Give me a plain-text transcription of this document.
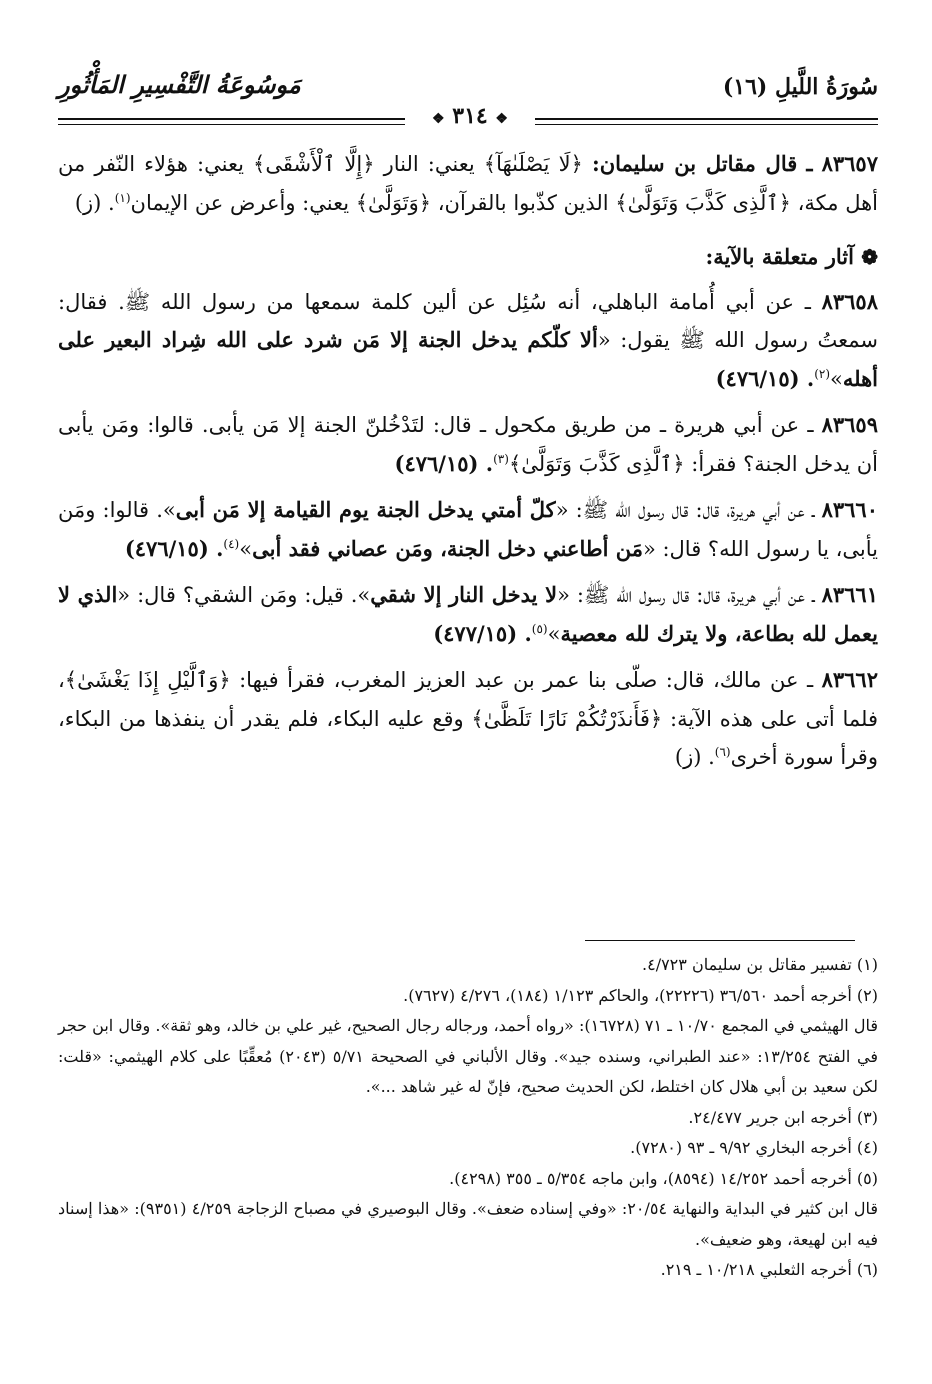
سُورَةُ اللَّيلِ (١٦)
مَوسُوعَةُ التَّفْسِيرِ المَأْثُورِ
❖ ٣١٤ ❖

٨٣٦٥٧ ـ قال مقاتل بن سليمان: ﴿لَا يَصْلَىٰهَآ﴾ يعني: النار ﴿إِلَّا ٱلْأَشْقَى﴾ يعني: هؤلاء النّفر من أهل مكة، ﴿ٱلَّذِى كَذَّبَ وَتَوَلَّىٰ﴾ الذين كذّبوا بالقرآن، ﴿وَتَوَلَّىٰ﴾ يعني: وأعرض عن الإيمان$^{(١)}$. (ز)

❁ آثار متعلقة بالآية:

٨٣٦٥٨ ـ عن أبي أُمامة الباهلي، أنه سُئِل عن ألين كلمة سمعها من رسول الله ﷺ. فقال: سمعتُ رسول الله ﷺ يقول: «ألا كلّكم يدخل الجنة إلا مَن شرد على الله شِراد البعير على أهله»$^{(٢)}$. (٤٧٦/١٥)

٨٣٦٥٩ ـ عن أبي هريرة ـ من طريق مكحول ـ قال: لتَدْخُلنّ الجنة إلا مَن يأبى. قالوا: ومَن يأبى أن يدخل الجنة؟ فقرأ: ﴿ٱلَّذِى كَذَّبَ وَتَوَلَّىٰ﴾$^{(٣)}$. (٤٧٦/١٥)

٨٣٦٦٠ ـ عن أبي هريرة، قال: قال رسول الله ﷺ: «كلّ أمتي يدخل الجنة يوم القيامة إلا مَن أبى». قالوا: ومَن يأبى، يا رسول الله؟ قال: «مَن أطاعني دخل الجنة، ومَن عصاني فقد أبى»$^{(٤)}$. (٤٧٦/١٥)

٨٣٦٦١ ـ عن أبي هريرة، قال: قال رسول الله ﷺ: «لا يدخل النار إلا شقي». قيل: ومَن الشقي؟ قال: «الذي لا يعمل لله بطاعة، ولا يترك لله معصية»$^{(٥)}$. (٤٧٧/١٥)

٨٣٦٦٢ ـ عن مالك، قال: صلّى بنا عمر بن عبد العزيز المغرب، فقرأ فيها: ﴿وَٱلَّيْلِ إِذَا يَغْشَىٰ﴾، فلما أتى على هذه الآية: ﴿فَأَنذَرْتُكُمْ نَارًا تَلَظَّىٰ﴾ وقع عليه البكاء، فلم يقدر أن ينفذها من البكاء، وقرأ سورة أخرى$^{(٦)}$. (ز)

(١) تفسير مقاتل بن سليمان ٤/٧٢٣.

(٢) أخرجه أحمد ٣٦/٥٦٠ (٢٢٢٢٦)، والحاكم ١/١٢٣ (١٨٤)، ٤/٢٧٦ (٧٦٢٧).

قال الهيثمي في المجمع ١٠/٧٠ ـ ٧١ (١٦٧٢٨): «رواه أحمد، ورجاله رجال الصحيح، غير علي بن خالد، وهو ثقة». وقال ابن حجر في الفتح ١٣/٢٥٤: «عند الطبراني، وسنده جيد». وقال الألباني في الصحيحة ٥/٧١ (٢٠٤٣) مُعقِّبًا على كلام الهيثمي: «قلت: لكن سعيد بن أبي هلال كان اختلط، لكن الحديث صحيح، فإنّ له غير شاهد ...».

(٣) أخرجه ابن جرير ٢٤/٤٧٧.

(٤) أخرجه البخاري ٩/٩٢ ـ ٩٣ (٧٢٨٠).

(٥) أخرجه أحمد ١٤/٢٥٢ (٨٥٩٤)، وابن ماجه ٥/٣٥٤ ـ ٣٥٥ (٤٢٩٨).

قال ابن كثير في البداية والنهاية ٢٠/٥٤: «وفي إسناده ضعف». وقال البوصيري في مصباح الزجاجة ٤/٢٥٩ (٩٣٥١): «هذا إسناد فيه ابن لهيعة، وهو ضعيف».

(٦) أخرجه الثعلبي ١٠/٢١٨ ـ ٢١٩.
